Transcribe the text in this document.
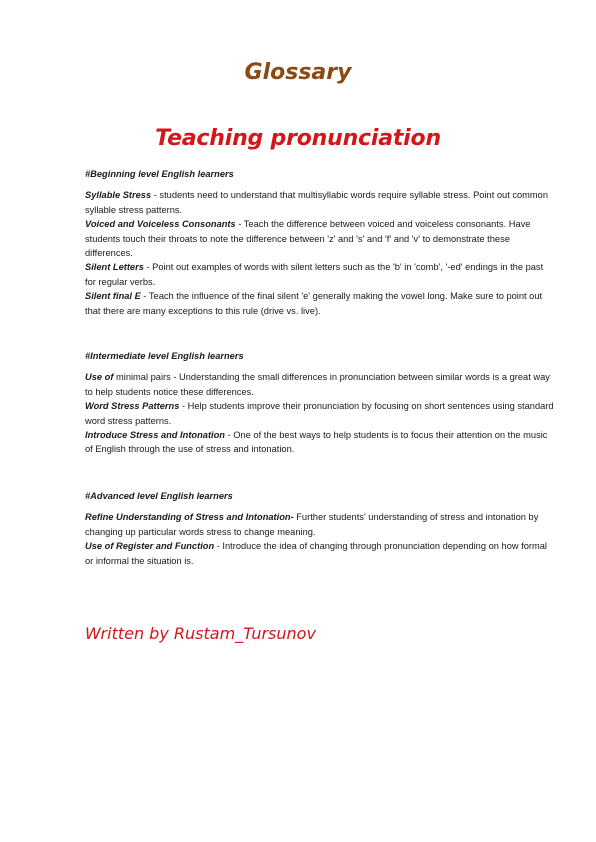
Glossary
Teaching pronunciation

#Beginning level English learners

Syllable Stress - students need to understand that multisyllabic words require syllable stress. Point out common syllable stress patterns.

Voiced and Voiceless Consonants - Teach the difference between voiced and voiceless consonants. Have students touch their throats to note the difference between 'z' and 's' and 'f' and 'v' to demonstrate these differences.

Silent Letters - Point out examples of words with silent letters such as the 'b' in 'comb', '-ed' endings in the past for regular verbs.

Silent final E - Teach the influence of the final silent 'e' generally making the vowel long. Make sure to point out that there are many exceptions to this rule (drive vs. live).

#Intermediate level English learners

Use of minimal pairs - Understanding the small differences in pronunciation between similar words is a great way to help students notice these differences.

Word Stress Patterns - Help students improve their pronunciation by focusing on short sentences using standard word stress patterns.

Introduce Stress and Intonation - One of the best ways to help students is to focus their attention on the music of English through the use of stress and intonation.

#Advanced level English learners

Refine Understanding of Stress and Intonation- Further students' understanding of stress and intonation by changing up particular words stress to change meaning.

Use of Register and Function - Introduce the idea of changing through pronunciation depending on how formal or informal the situation is.

Written by Rustam_Tursunov
